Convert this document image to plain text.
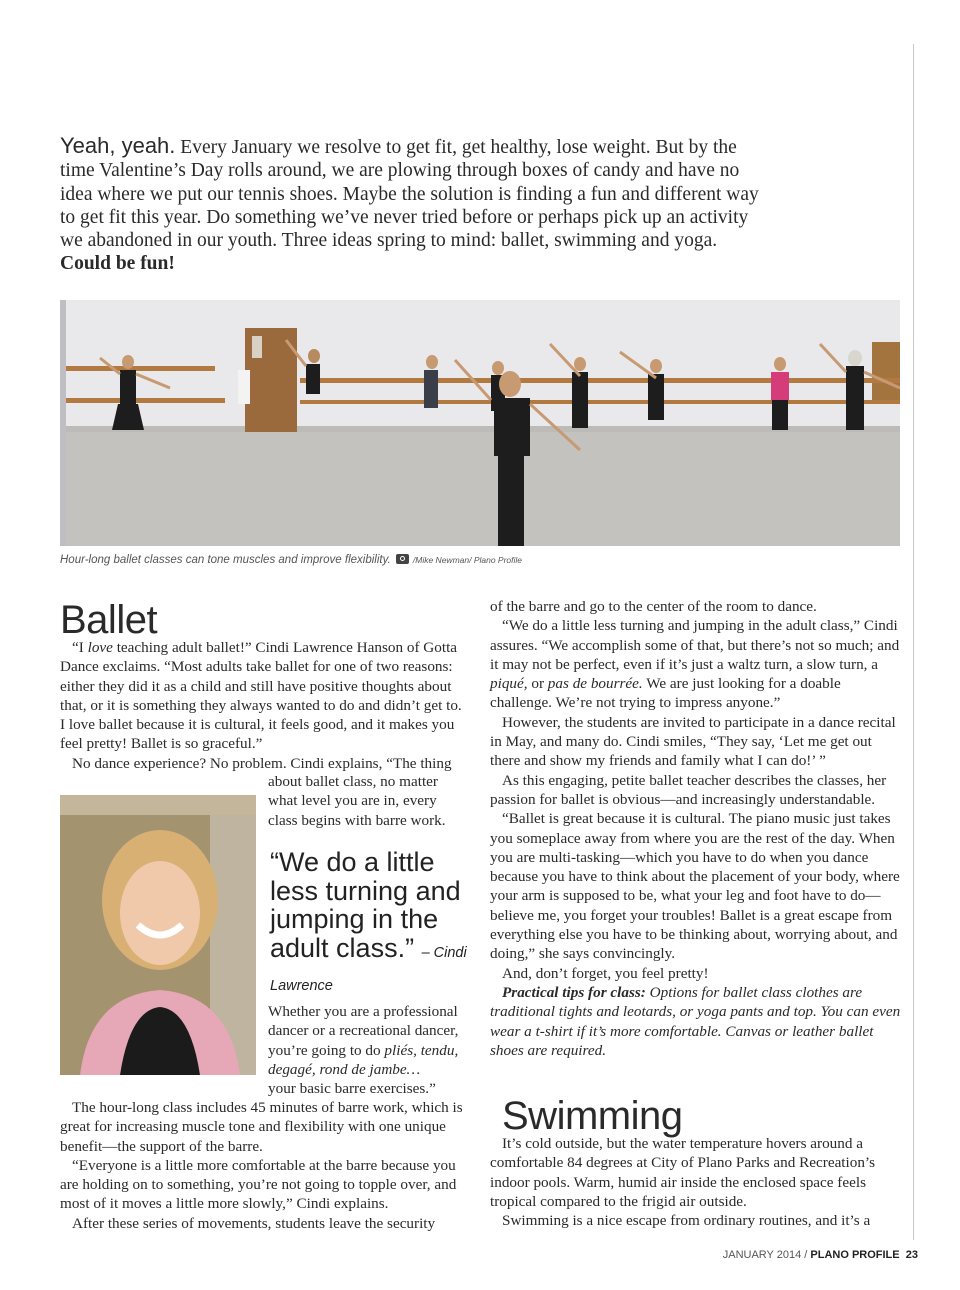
Yeah, yeah. Every January we resolve to get fit, get healthy, lose weight. But by the time Valentine’s Day rolls around, we are plowing through boxes of candy and have no idea where we put our tennis shoes. Maybe the solution is finding a fun and different way to get fit this year. Do something we’ve never tried before or perhaps pick up an activity we abandoned in our youth. Three ideas spring to mind: ballet, swimming and yoga. Could be fun!
Hour-long ballet classes can tone muscles and improve flexibility.	/Mike Newman/ Plano Profile
Ballet

“I love teaching adult ballet!” Cindi Lawrence Hanson of Gotta Dance exclaims. “Most adults take ballet for one of two reasons: either they did it as a child and still have positive thoughts about that, or it is something they always wanted to do and didn’t get to. I love ballet because it is cultural, it feels good, and it makes you feel pretty! Ballet is so graceful.”

No dance experience? No problem. Cindi explains, “The thing

about ballet class, no matter
what level you are in, every
class begins with barre work.
“We do a little less turning and jumping in the adult class.” – Cindi Lawrence

Whether you are a professional dancer or a recreational dancer, you’re going to do pliés, tendu, degagé, rond de jambe…
your basic barre exercises.”

The hour-long class includes 45 minutes of barre work, which is great for increasing muscle tone and flexibility with one unique benefit—the support of the barre.

“Everyone is a little more comfortable at the barre because you are holding on to something, you’re not going to topple over, and most of it moves a little more slowly,” Cindi explains.

After these series of movements, students leave the security

of the barre and go to the center of the room to dance.

“We do a little less turning and jumping in the adult class,” Cindi assures. “We accomplish some of that, but there’s not so much; and it may not be perfect, even if it’s just a waltz turn, a slow turn, a piqué, or pas de bourrée. We are just looking for a doable challenge. We’re not trying to impress anyone.”

However, the students are invited to participate in a dance recital in May, and many do. Cindi smiles, “They say, ‘Let me get out there and show my friends and family what I can do!’ ”

As this engaging, petite ballet teacher describes the classes, her passion for ballet is obvious—and increasingly understandable.

“Ballet is great because it is cultural. The piano music just takes you someplace away from where you are the rest of the day. When you are multi-tasking—which you have to do when you dance because you have to think about the placement of your body, where your arm is supposed to be, what your leg and foot have to do—believe me, you forget your troubles! Ballet is a great escape from everything else you have to be thinking about, worrying about, and doing,” she says convincingly.

And, don’t forget, you feel pretty!

Practical tips for class: Options for ballet class clothes are traditional tights and leotards, or yoga pants and top. You can even wear a t-shirt if it’s more comfortable. Canvas or leather ballet shoes are required.

Swimming

It’s cold outside, but the water temperature hovers around a comfortable 84 degrees at City of Plano Parks and Recreation’s indoor pools. Warm, humid air inside the enclosed space feels tropical compared to the frigid air outside.

Swimming is a nice escape from ordinary routines, and it’s a

JANUARY 2014 / PLANO PROFILE 23
